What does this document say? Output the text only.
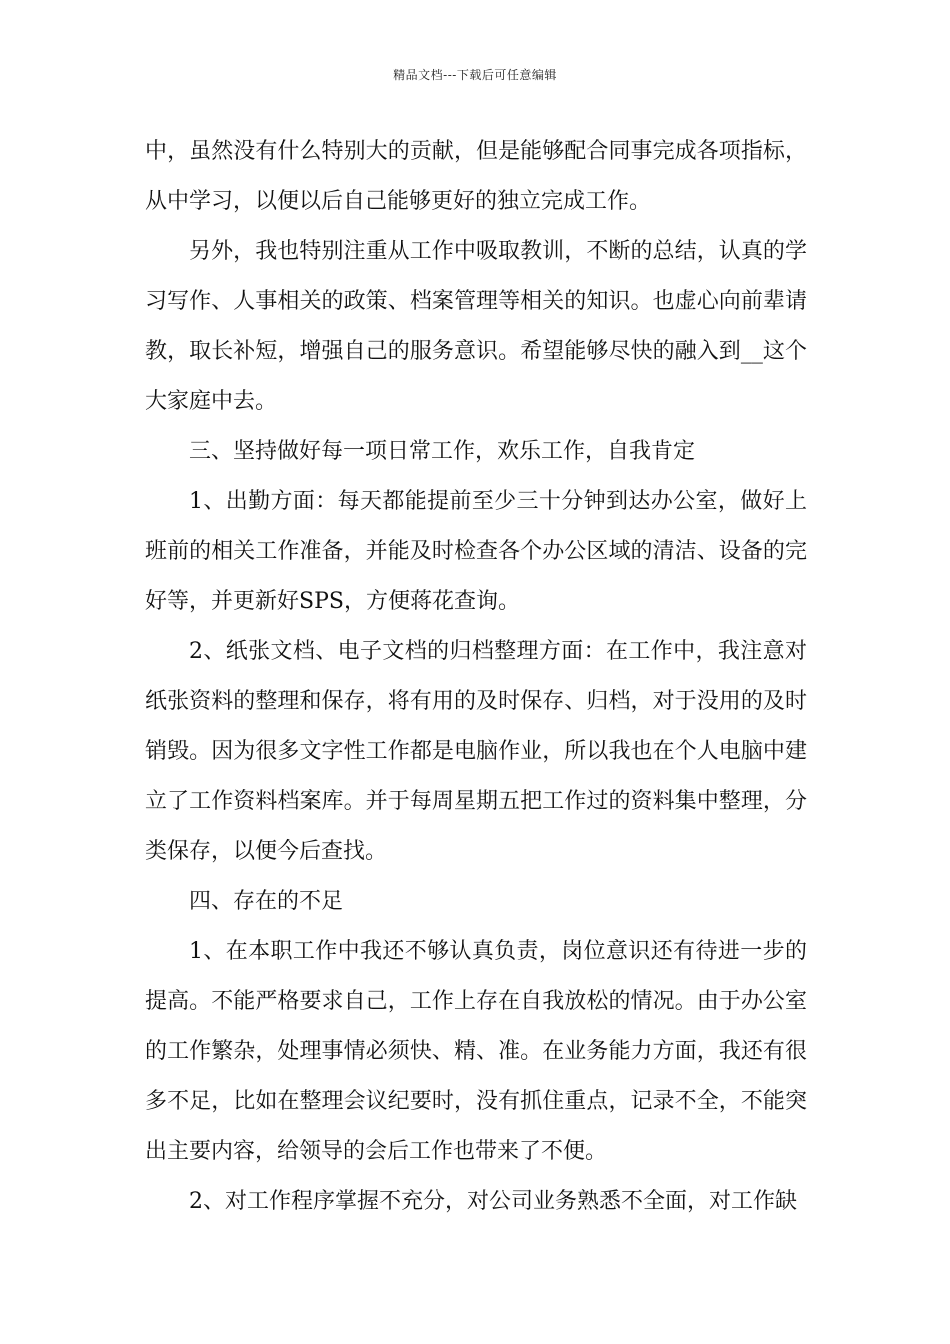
精品文档---下载后可任意编辑

中，虽然没有什么特别大的贡献，但是能够配合同事完成各项指标，从中学习，以便以后自己能够更好的独立完成工作。

另外，我也特别注重从工作中吸取教训，不断的总结，认真的学习写作、人事相关的政策、档案管理等相关的知识。也虚心向前辈请教，取长补短，增强自己的服务意识。希望能够尽快的融入到__这个大家庭中去。

三、坚持做好每一项日常工作，欢乐工作，自我肯定

1、出勤方面：每天都能提前至少三十分钟到达办公室，做好上班前的相关工作准备，并能及时检查各个办公区域的清洁、设备的完好等，并更新好SPS，方便蒋花查询。

2、纸张文档、电子文档的归档整理方面：在工作中，我注意对纸张资料的整理和保存，将有用的及时保存、归档，对于没用的及时销毁。因为很多文字性工作都是电脑作业，所以我也在个人电脑中建立了工作资料档案库。并于每周星期五把工作过的资料集中整理，分类保存，以便今后查找。

四、存在的不足

1、在本职工作中我还不够认真负责，岗位意识还有待进一步的提高。不能严格要求自己，工作上存在自我放松的情况。由于办公室的工作繁杂，处理事情必须快、精、准。在业务能力方面，我还有很多不足，比如在整理会议纪要时，没有抓住重点，记录不全，不能突出主要内容，给领导的会后工作也带来了不便。

2、对工作程序掌握不充分，对公司业务熟悉不全面，对工作缺
